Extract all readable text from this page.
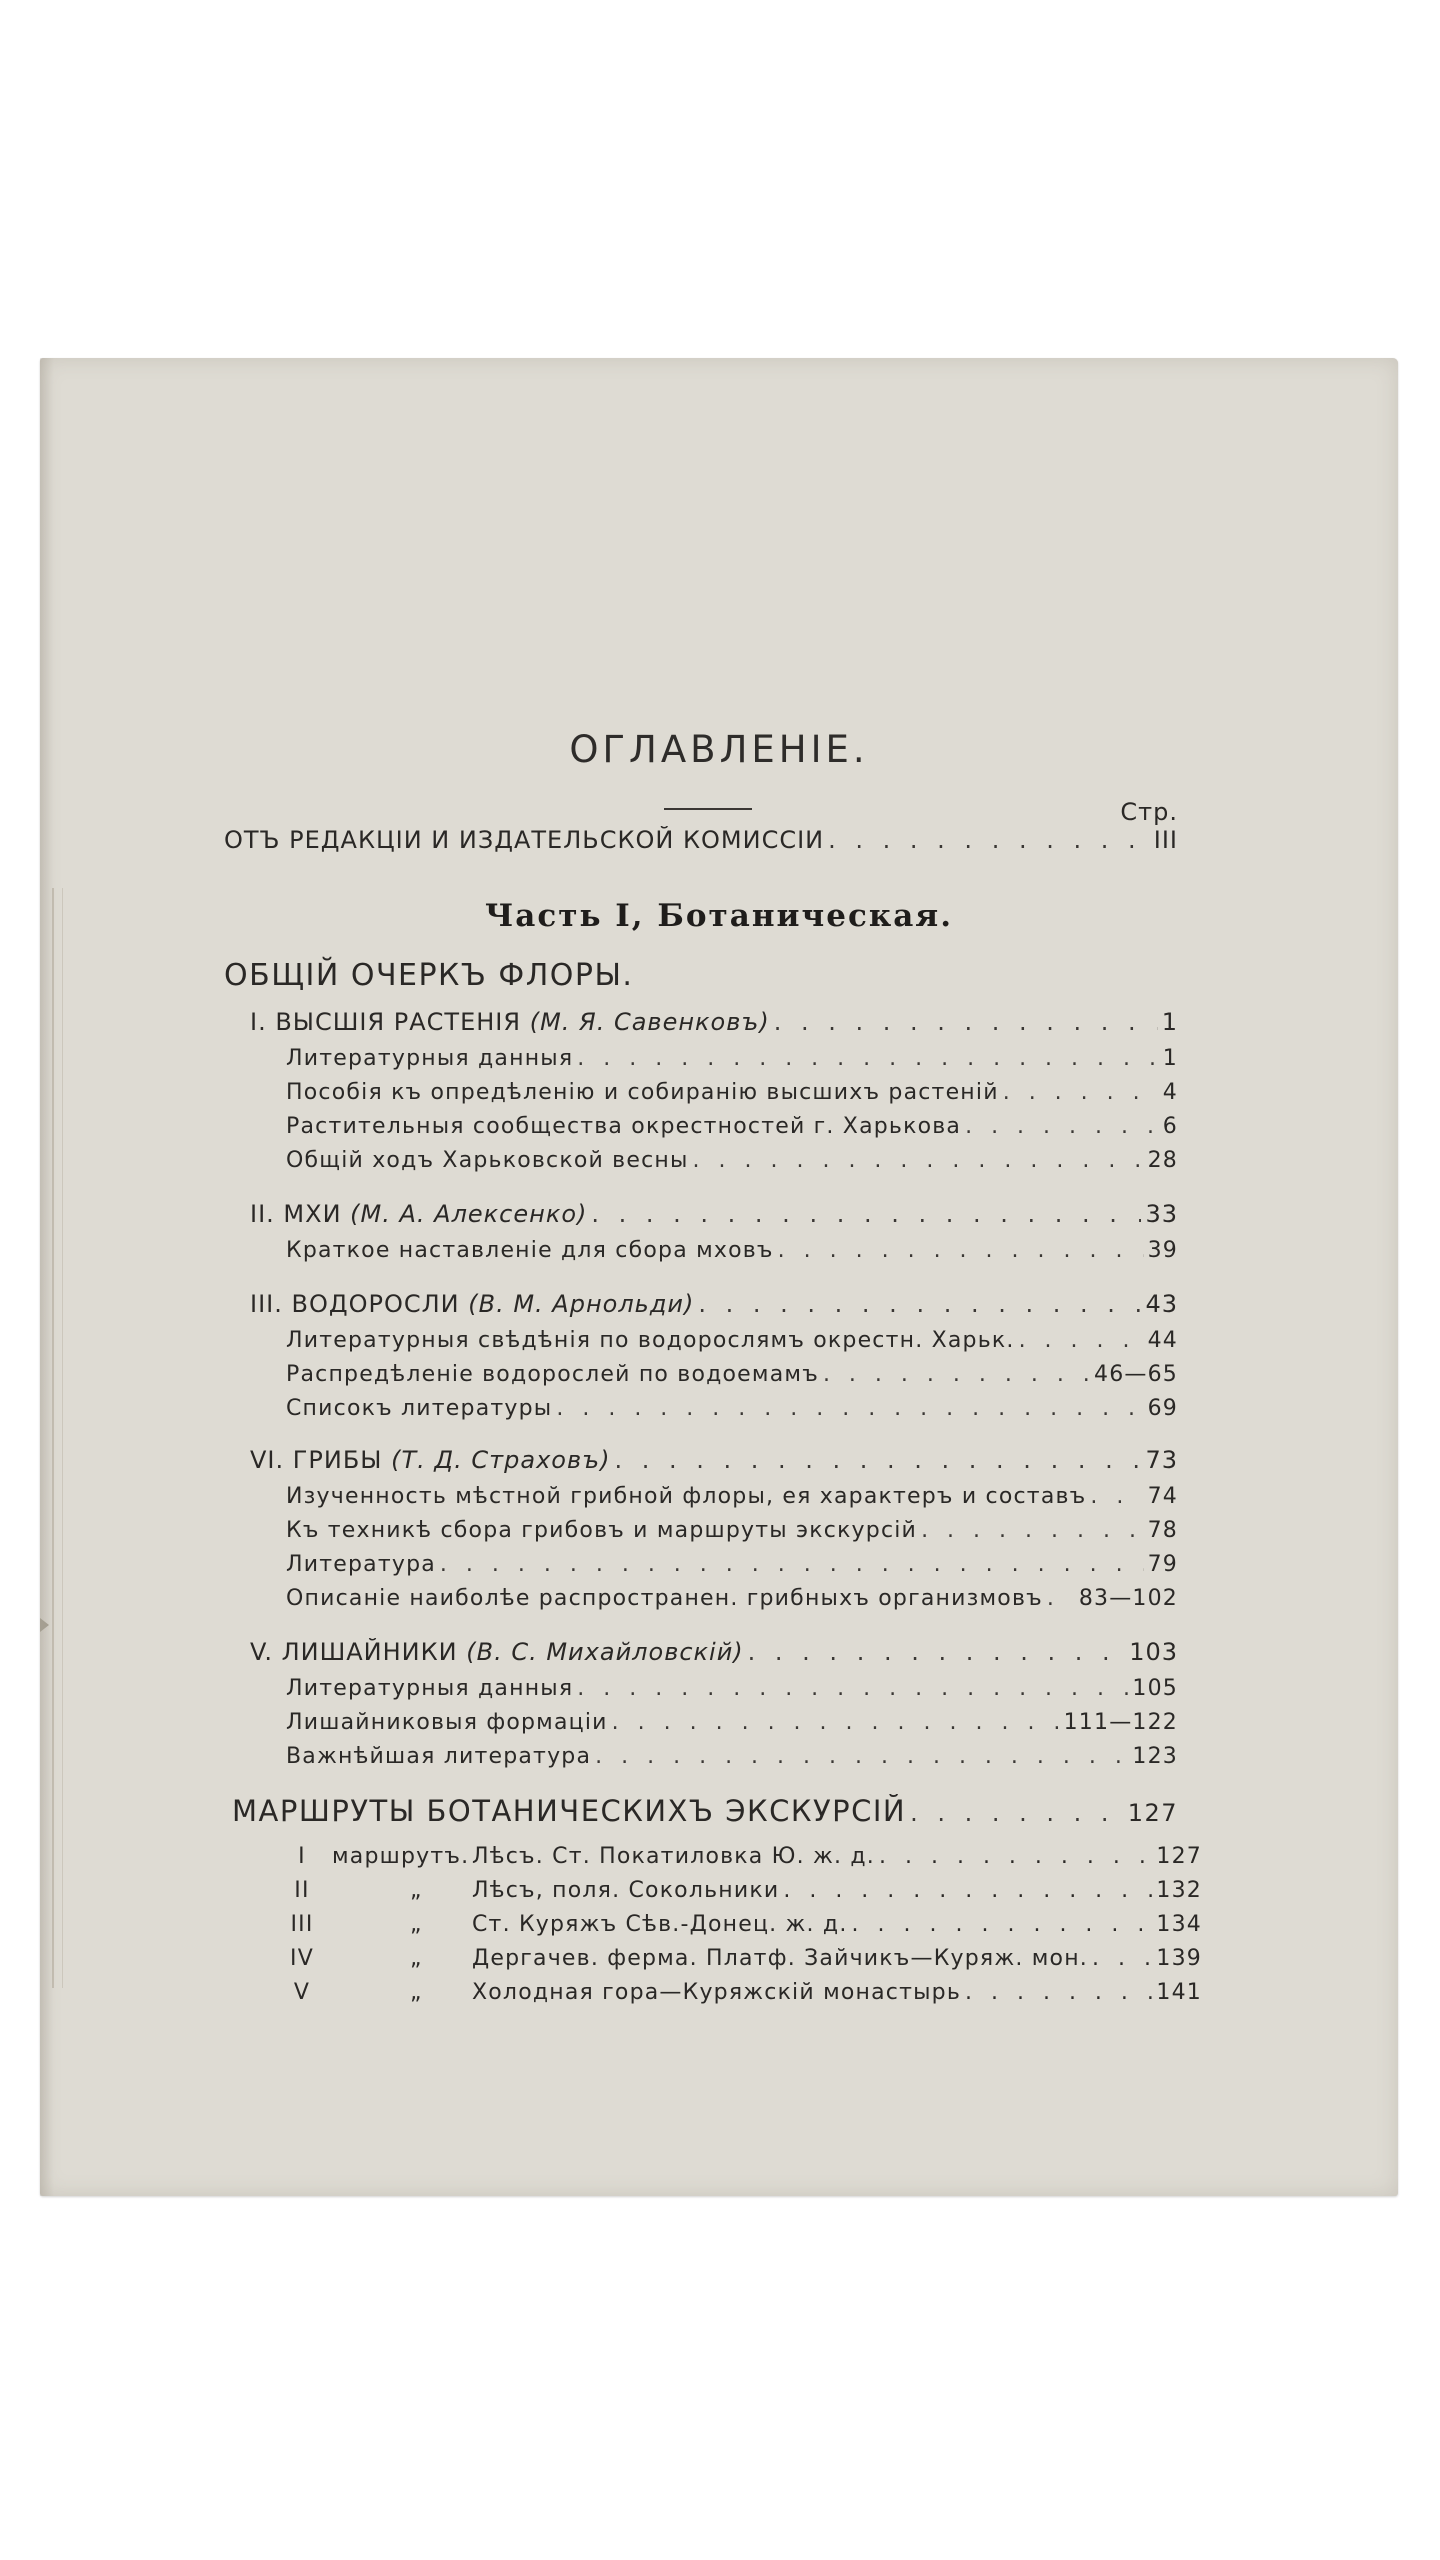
ОГЛАВЛЕНІЕ.
Стр.
ОТЪ РЕДАКЦІИ И ИЗДАТЕЛЬСКОЙ КОМИССІИ . . .	III
Часть I, Ботаническая.
ОБЩІЙ ОЧЕРКЪ ФЛОРЫ.
I. ВЫСШІЯ РАСТЕНІЯ (М. Я. Савенковъ) . . .	1
Литературныя данныя . . .	1
Пособія къ опредѣленію и собиранію высшихъ растеній . . .	4
Растительныя сообщества окрестностей г. Харькова . . .	6
Общій ходъ Харьковской весны . . .	28
II. МХИ (М. А. Алексенко) . . .	33
Краткое наставленіе для сбора мховъ . . .	39
III. ВОДОРОСЛИ (В. М. Арнольди) . . .	43
Литературныя свѣдѣнія по водорослямъ окрестн. Харьк. . . .	44
Распредѣленіе водорослей по водоемамъ . . .	46—65
Списокъ литературы . . .	69
VI. ГРИБЫ (Т. Д. Страховъ) . . .	73
Изученность мѣстной грибной флоры, ея характеръ и составъ . . .	74
Къ техникѣ сбора грибовъ и маршруты экскурсій . . .	78
Литература . . .	79
Описаніе наиболѣе распространен. грибныхъ организмовъ . . . 83—102
V. ЛИШАЙНИКИ (В. С. Михайловскій) . . .	103
Литературныя данныя . . .	105
Лишайниковыя формаціи . . .	111—122
Важнѣйшая литература . . .	123
МАРШРУТЫ БОТАНИЧЕСКИХЪ ЭКСКУРСІЙ . . .	127
I	маршрутъ. Лѣсъ. Ст. Покатиловка Ю. ж. д. . . .	127
II	„	Лѣсъ, поля. Сокольники . . .	132
III	„	Ст. Куряжъ Сѣв.-Донец. ж. д. . . .	134
IV	„	Дергачев. ферма. Платф. Зайчикъ—Куряж. мон. . . .	139
V	„	Холодная гора—Куряжскій монастырь . . .	141
